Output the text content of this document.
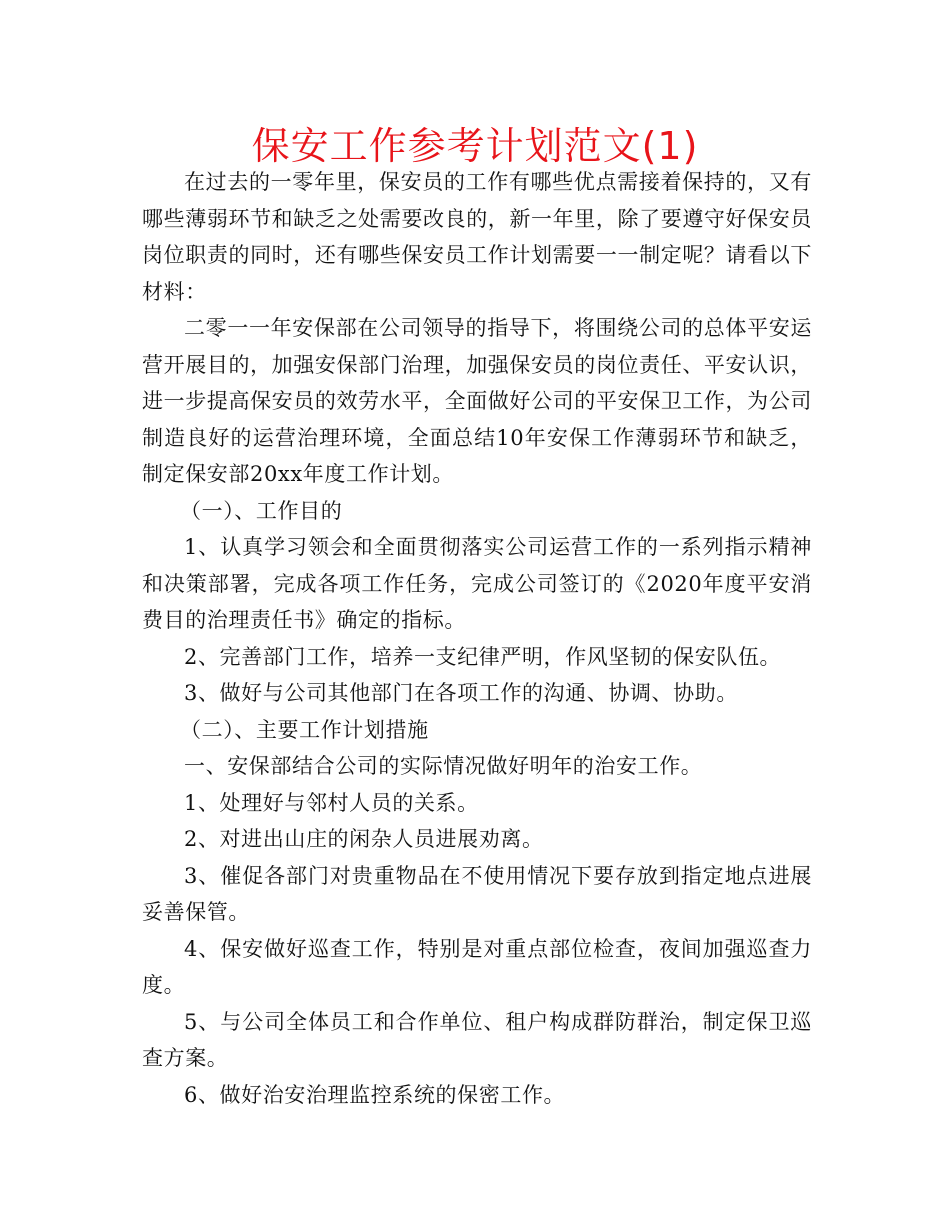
保安工作参考计划范文(1)

在过去的一零年里，保安员的工作有哪些优点需接着保持的，又有哪些薄弱环节和缺乏之处需要改良的，新一年里，除了要遵守好保安员岗位职责的同时，还有哪些保安员工作计划需要一一制定呢？请看以下材料：

二零一一年安保部在公司领导的指导下，将围绕公司的总体平安运营开展目的，加强安保部门治理，加强保安员的岗位责任、平安认识，进一步提高保安员的效劳水平，全面做好公司的平安保卫工作，为公司制造良好的运营治理环境，全面总结10年安保工作薄弱环节和缺乏，制定保安部20xx年度工作计划。

（一）、工作目的

1、认真学习领会和全面贯彻落实公司运营工作的一系列指示精神和决策部署，完成各项工作任务，完成公司签订的《2020年度平安消费目的治理责任书》确定的指标。

2、完善部门工作，培养一支纪律严明，作风坚韧的保安队伍。

3、做好与公司其他部门在各项工作的沟通、协调、协助。

（二）、主要工作计划措施

一、安保部结合公司的实际情况做好明年的治安工作。

1、处理好与邻村人员的关系。

2、对进出山庄的闲杂人员进展劝离。

3、催促各部门对贵重物品在不使用情况下要存放到指定地点进展妥善保管。

4、保安做好巡查工作，特别是对重点部位检查，夜间加强巡查力度。

5、与公司全体员工和合作单位、租户构成群防群治，制定保卫巡查方案。

6、做好治安治理监控系统的保密工作。
